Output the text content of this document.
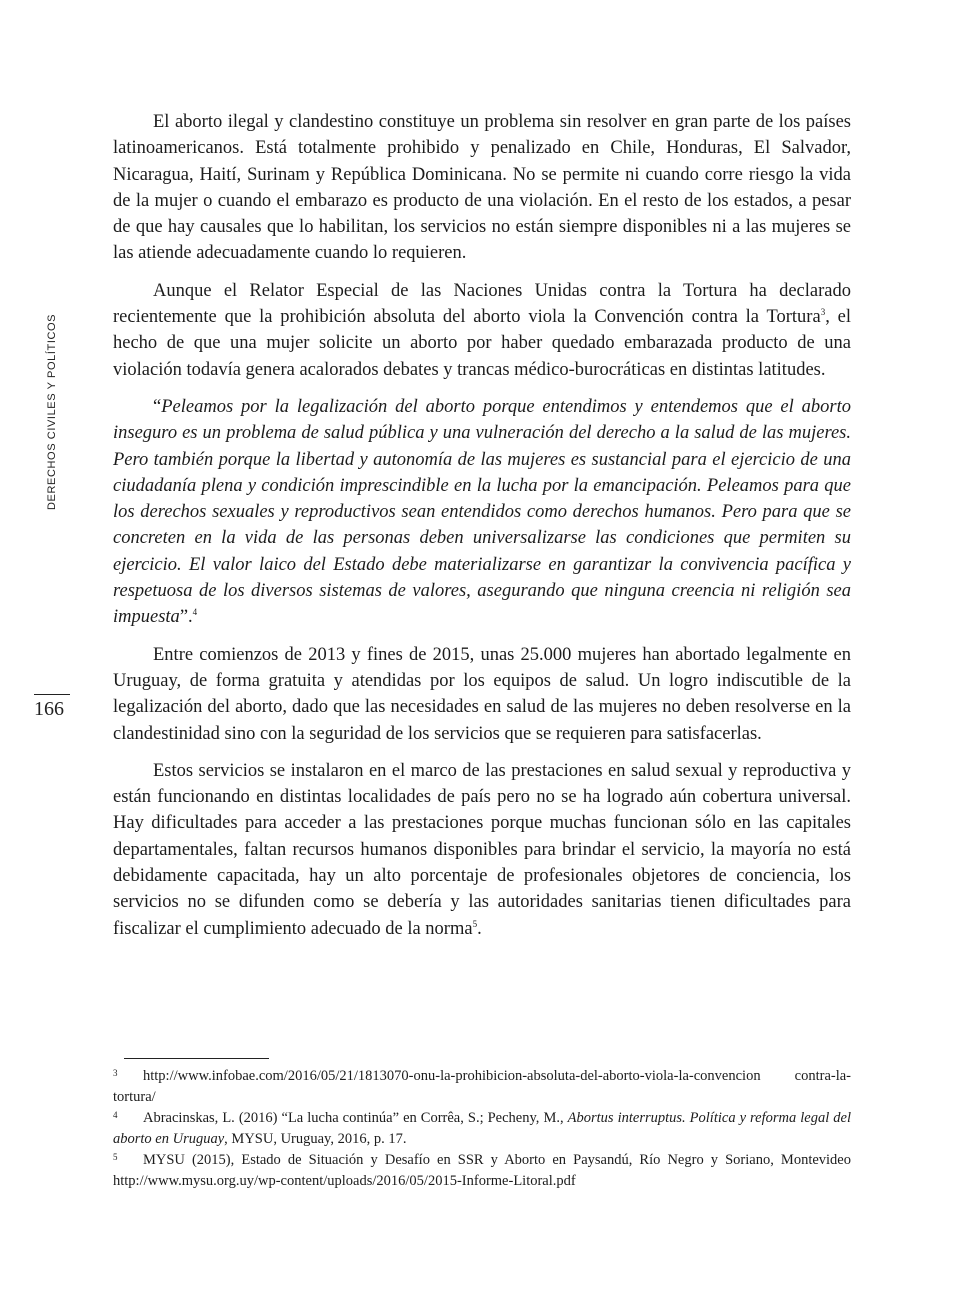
DERECHOS CIVILES Y POLÍTICOS
166

El aborto ilegal y clandestino constituye un problema sin resolver en gran parte de los países latinoamericanos. Está totalmente prohibido y penalizado en Chile, Honduras, El Salvador, Nicaragua, Haití, Surinam y República Dominicana. No se permite ni cuando corre riesgo la vida de la mujer o cuando el embarazo es producto de una violación. En el resto de los estados, a pesar de que hay causales que lo habilitan, los servicios no están siempre disponibles ni a las mujeres se las atiende adecuadamente cuando lo requieren.

Aunque el Relator Especial de las Naciones Unidas contra la Tortura ha declarado recientemente que la prohibición absoluta del aborto viola la Convención contra la Tortura$^3$, el hecho de que una mujer solicite un aborto por haber quedado embarazada producto de una violación todavía genera acalorados debates y trancas médico-burocráticas en distintas latitudes.

“Peleamos por la legalización del aborto porque entendimos y entendemos que el aborto inseguro es un problema de salud pública y una vulneración del derecho a la salud de las mujeres. Pero también porque la libertad y autonomía de las mujeres es sustancial para el ejercicio de una ciudadanía plena y condición imprescindible en la lucha por la emancipación. Peleamos para que los derechos sexuales y reproductivos sean entendidos como derechos humanos. Pero para que se concreten en la vida de las personas deben universalizarse las condiciones que permiten su ejercicio. El valor laico del Estado debe materializarse en garantizar la convivencia pacífica y respetuosa de los diversos sistemas de valores, asegurando que ninguna creencia ni religión sea impuesta”.$^4$

Entre comienzos de 2013 y fines de 2015, unas 25.000 mujeres han abortado legalmente en Uruguay, de forma gratuita y atendidas por los equipos de salud. Un logro indiscutible de la legalización del aborto, dado que las necesidades en salud de las mujeres no deben resolverse en la clandestinidad sino con la seguridad de los servicios que se requieren para satisfacerlas.

Estos servicios se instalaron en el marco de las prestaciones en salud sexual y reproductiva y están funcionando en distintas localidades de país pero no se ha logrado aún cobertura universal. Hay dificultades para acceder a las prestaciones porque muchas funcionan sólo en las capitales departamentales, faltan recursos humanos disponibles para brindar el servicio, la mayoría no está debidamente capacitada, hay un alto porcentaje de profesionales objetores de conciencia, los servicios no se difunden como se debería y las autoridades sanitarias tienen dificultades para fiscalizar el cumplimiento adecuado de la norma$^5$.

3 http://www.infobae.com/2016/05/21/1813070-onu-la-prohibicion-absoluta-del-aborto-viola-la-convencion contra-la-tortura/

4 Abracinskas, L. (2016) “La lucha continúa” en Corrêa, S.; Pecheny, M., Abortus interruptus. Política y reforma legal del aborto en Uruguay, MYSU, Uruguay, 2016, p. 17.

5 MYSU (2015), Estado de Situación y Desafío en SSR y Aborto en Paysandú, Río Negro y Soriano, Montevideo http://www.mysu.org.uy/wp-content/uploads/2016/05/2015-Informe-Litoral.pdf
